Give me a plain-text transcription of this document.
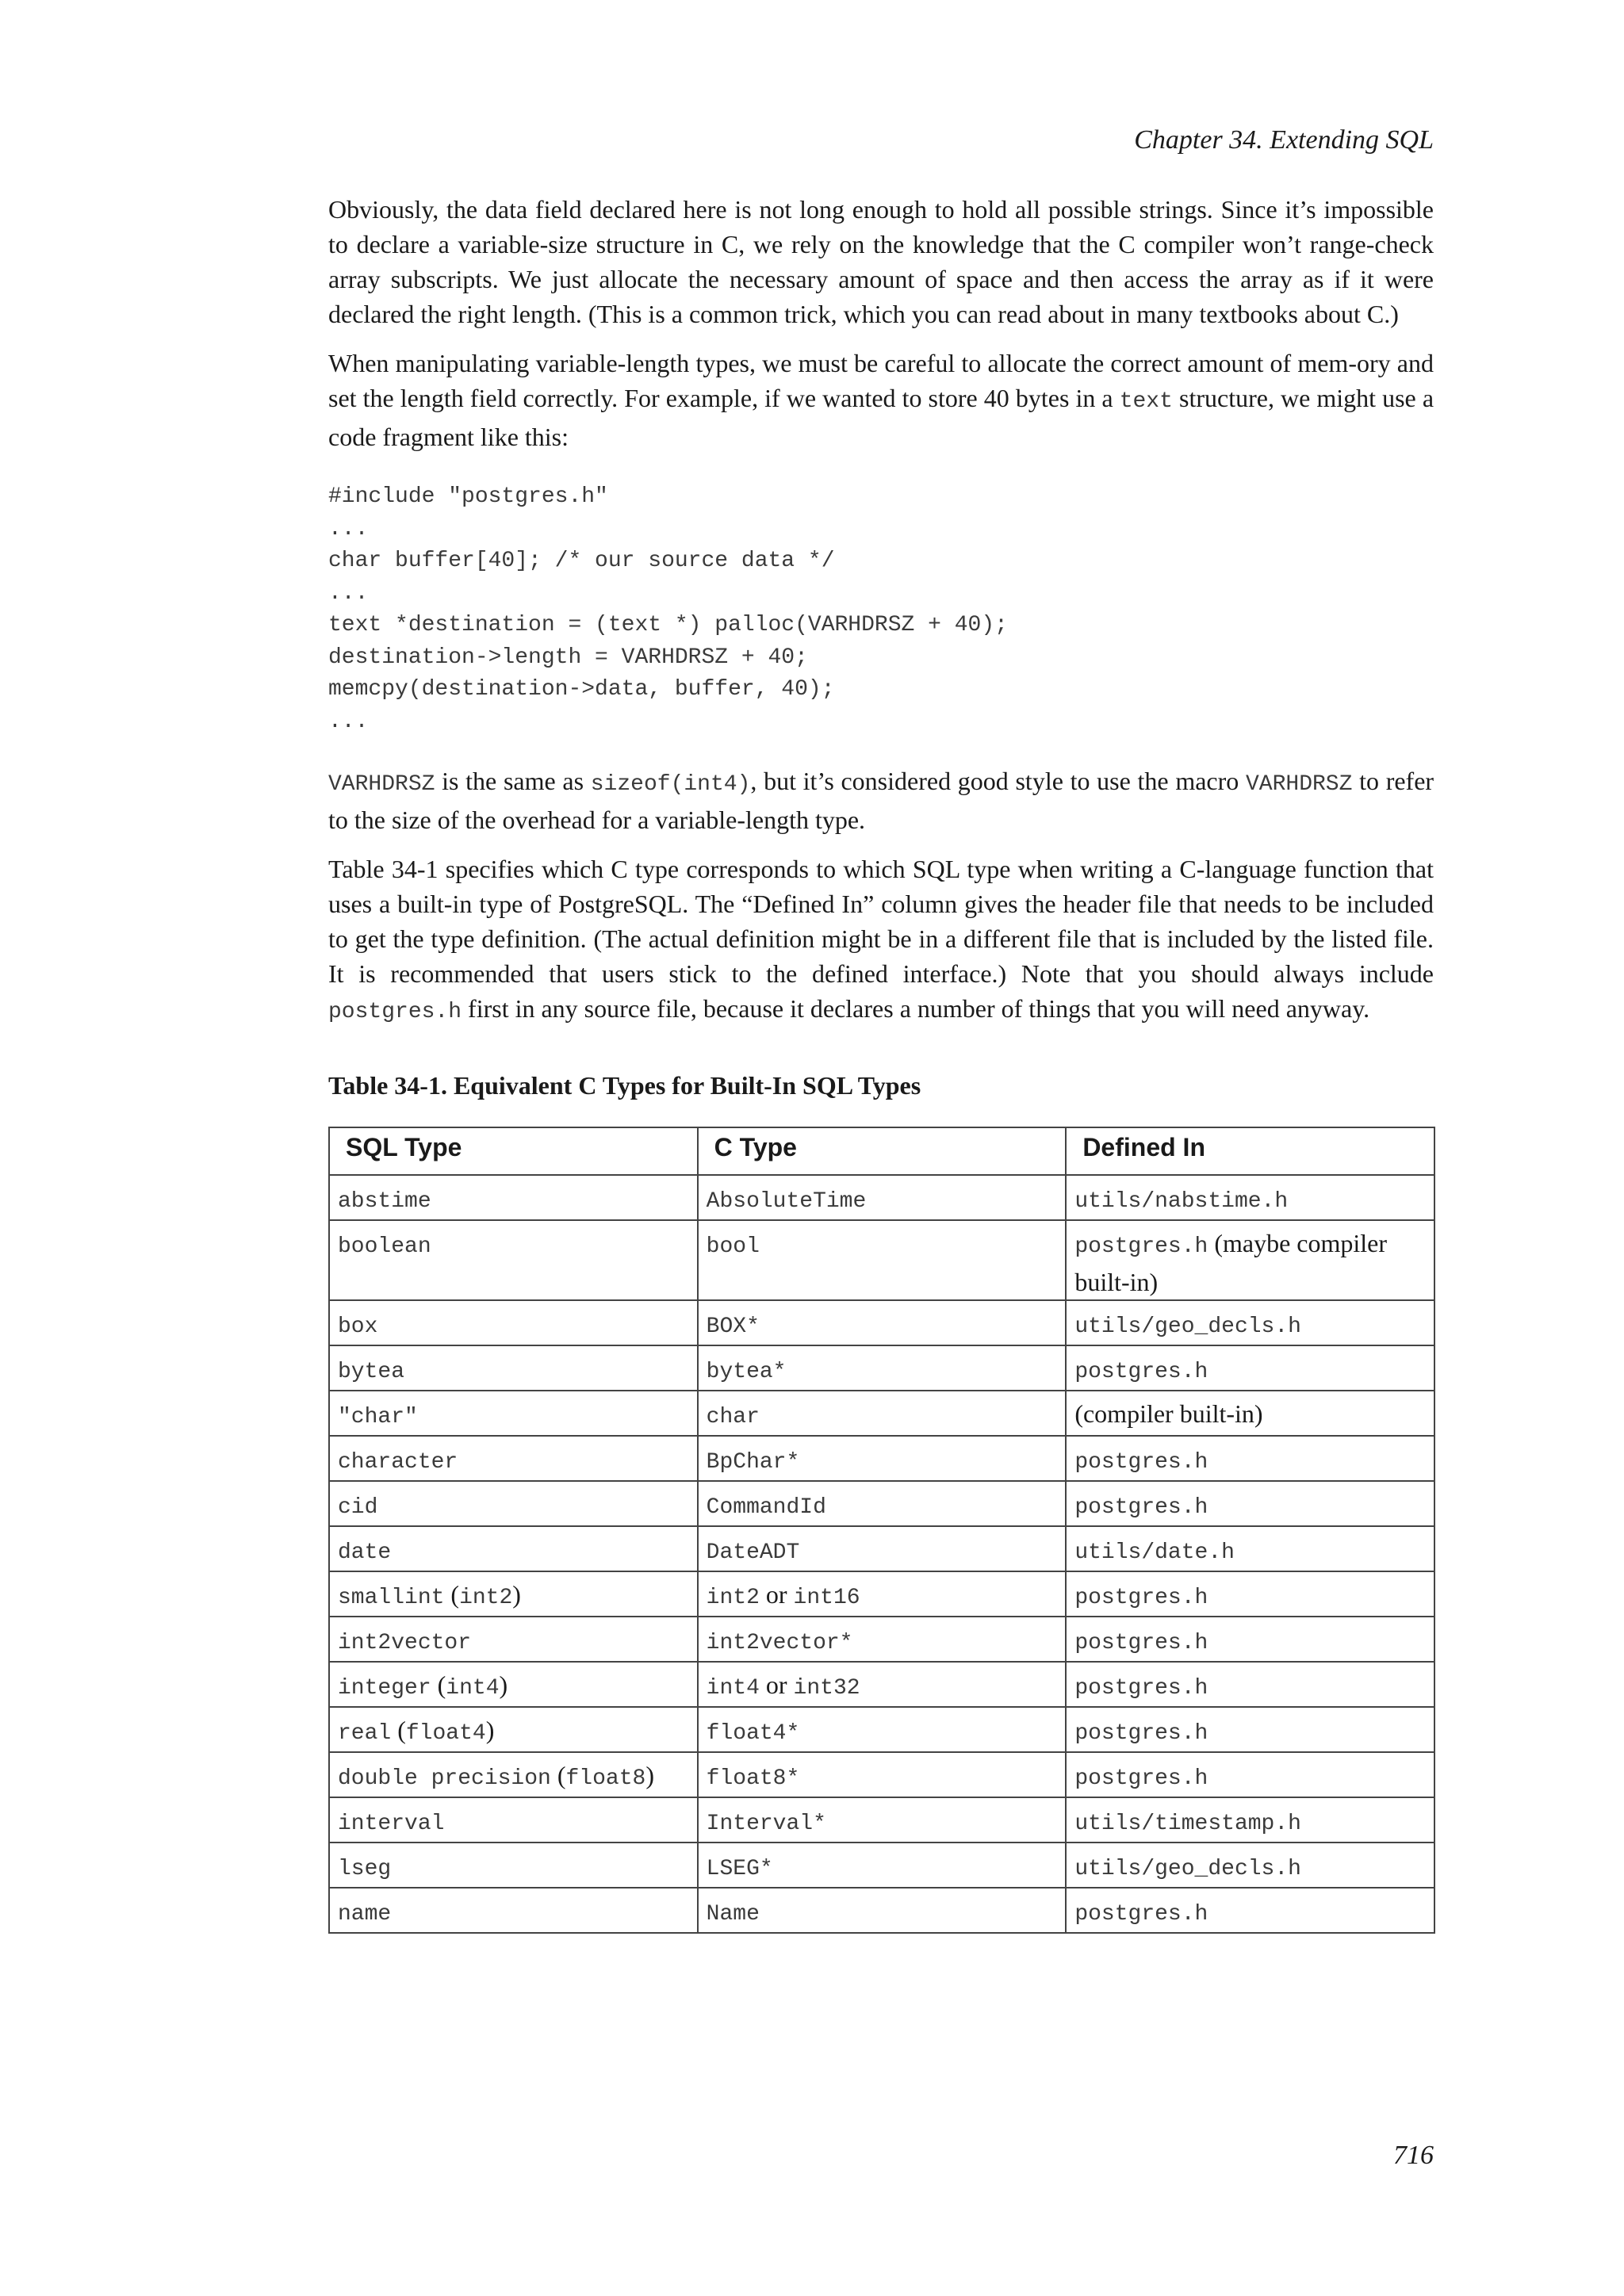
Chapter 34. Extending SQL

Obviously, the data field declared here is not long enough to hold all possible strings. Since it’s impossible to declare a variable-size structure in C, we rely on the knowledge that the C compiler won’t range-check array subscripts. We just allocate the necessary amount of space and then access the array as if it were declared the right length. (This is a common trick, which you can read about in many textbooks about C.)

When manipulating variable-length types, we must be careful to allocate the correct amount of mem-ory and set the length field correctly. For example, if we wanted to store 40 bytes in a text structure, we might use a code fragment like this:

#include "postgres.h"
...
char buffer[40]; /* our source data */
...
text *destination = (text *) palloc(VARHDRSZ + 40);
destination->length = VARHDRSZ + 40;
memcpy(destination->data, buffer, 40);
...

VARHDRSZ is the same as sizeof(int4), but it’s considered good style to use the macro VARHDRSZ to refer to the size of the overhead for a variable-length type.

Table 34-1 specifies which C type corresponds to which SQL type when writing a C-language function that uses a built-in type of PostgreSQL. The “Defined In” column gives the header file that needs to be included to get the type definition. (The actual definition might be in a different file that is included by the listed file. It is recommended that users stick to the defined interface.) Note that you should always include postgres.h first in any source file, because it declares a number of things that you will need anyway.

Table 34-1. Equivalent C Types for Built-In SQL Types
SQL Type	C Type	Defined In
abstime	AbsoluteTime	utils/nabstime.h
boolean	bool	postgres.h (maybe compiler built-in)
box	BOX*	utils/geo_decls.h
bytea	bytea*	postgres.h
"char"	char	(compiler built-in)
character	BpChar*	postgres.h
cid	CommandId	postgres.h
date	DateADT	utils/date.h
smallint (int2)	int2 or int16	postgres.h
int2vector	int2vector*	postgres.h
integer (int4)	int4 or int32	postgres.h
real (float4)	float4*	postgres.h
double precision (float8)	float8*	postgres.h
interval	Interval*	utils/timestamp.h
lseg	LSEG*	utils/geo_decls.h
name	Name	postgres.h
716
